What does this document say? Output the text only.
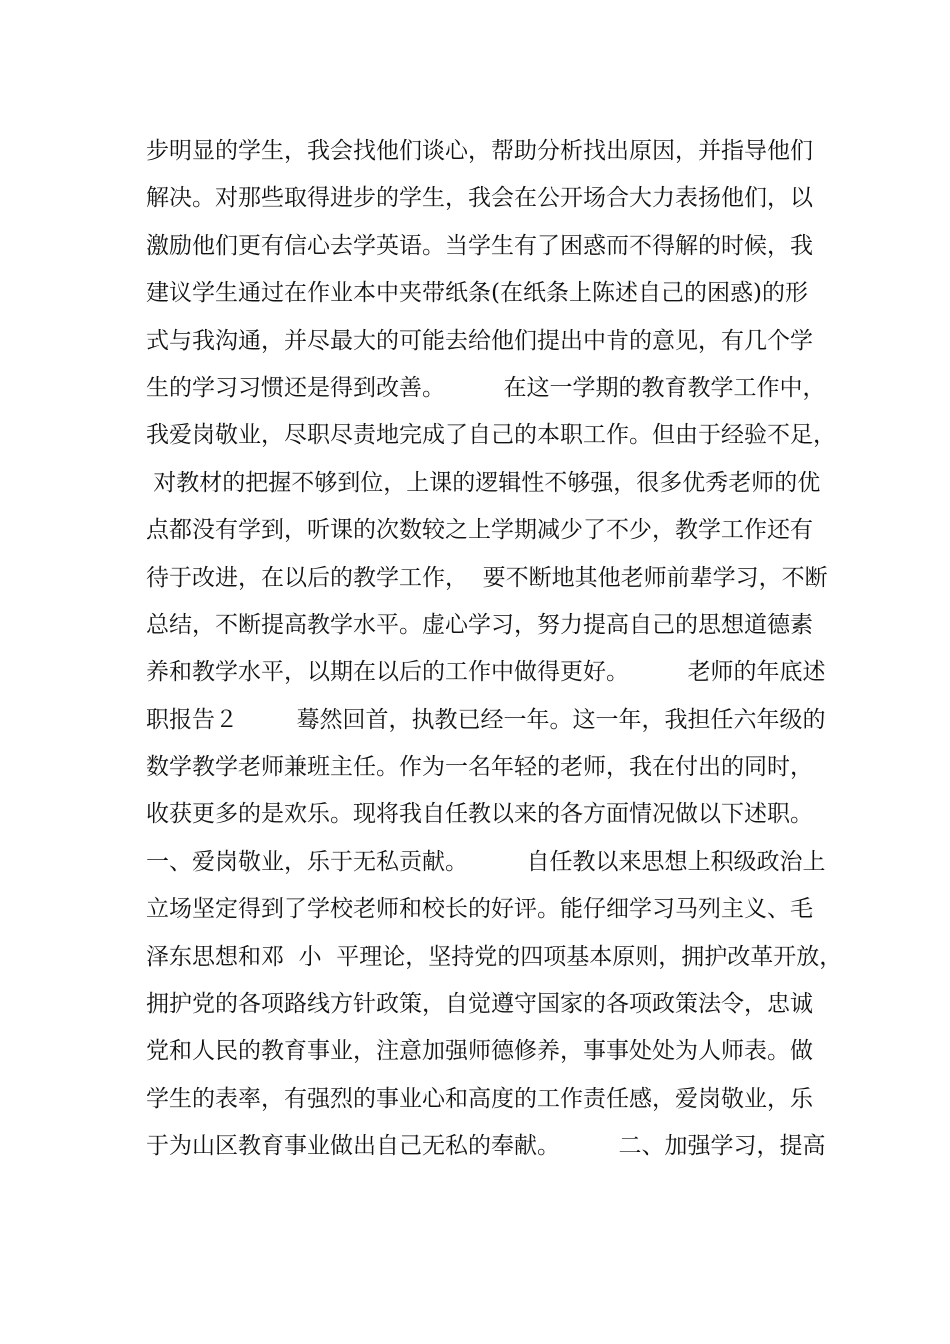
步明显的学生，我会找他们谈心，帮助分析找出原因，并指导他们
解决。对那些取得进步的学生，我会在公开场合大力表扬他们，以
激励他们更有信心去学英语。当学生有了困惑而不得解的时候，我
建议学生通过在作业本中夹带纸条(在纸条上陈述自己的困惑)的形
式与我沟通，并尽最大的可能去给他们提出中肯的意见，有几个学
生的学习习惯还是得到改善。        在这一学期的教育教学工作中，
我爱岗敬业，尽职尽责地完成了自己的本职工作。但由于经验不足，
对教材的把握不够到位，上课的逻辑性不够强，很多优秀老师的优
点都没有学到，听课的次数较之上学期减少了不少，教学工作还有
待于改进，在以后的教学工作，  要不断地其他老师前辈学习，不断
总结，不断提高教学水平。虚心学习，努力提高自己的思想道德素
养和教学水平，以期在以后的工作中做得更好。        老师的年底述
职报告２        蓦然回首，执教已经一年。这一年，我担任六年级的
数学教学老师兼班主任。作为一名年轻的老师，我在付出的同时，
收获更多的是欢乐。现将我自任教以来的各方面情况做以下述职。
一、爱岗敬业，乐于无私贡献。        自任教以来思想上积级政治上
立场坚定得到了学校老师和校长的好评。能仔细学习马列主义、毛
泽东思想和邓  小  平理论，坚持党的四项基本原则，拥护改革开放，
拥护党的各项路线方针政策，自觉遵守国家的各项政策法令，忠诚
党和人民的教育事业，注意加强师德修养，事事处处为人师表。做
学生的表率，有强烈的事业心和高度的工作责任感，爱岗敬业，乐
于为山区教育事业做出自己无私的奉献。        二、加强学习，提高
